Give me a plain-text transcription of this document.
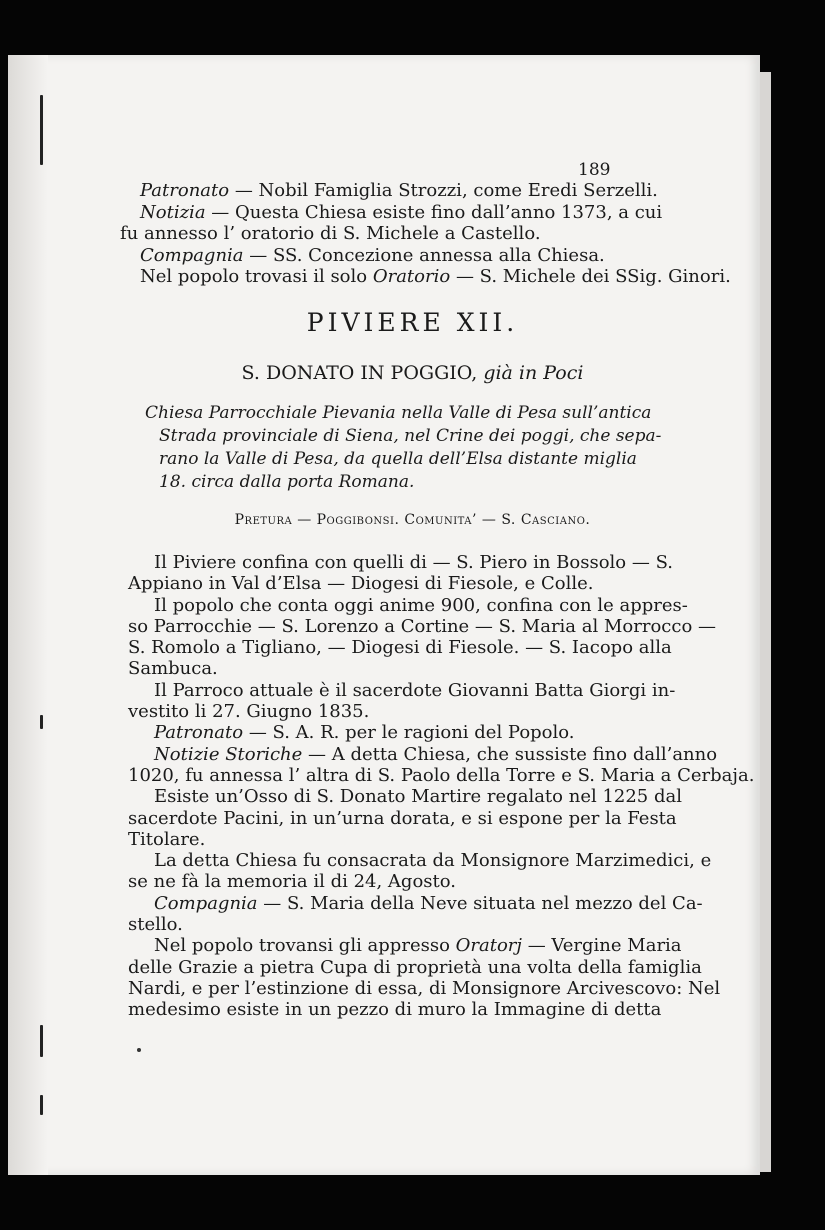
189
Patronato — Nobil Famiglia Strozzi, come Eredi Serzelli.
Notizia — Questa Chiesa esiste fino dall’anno 1373, a cui
fu annesso l’ oratorio di S. Michele a Castello.
Compagnia — SS. Concezione annessa alla Chiesa.
Nel popolo trovasi il solo Oratorio — S. Michele dei SSig. Ginori.
PIVIERE XII.
S. DONATO IN POGGIO, già in Poci
Chiesa Parrocchiale Pievania nella Valle di Pesa sull’antica
Strada provinciale di Siena, nel Crine dei poggi, che sepa-
rano la Valle di Pesa, da quella dell’Elsa distante miglia
18. circa dalla porta Romana.
Pretura — Poggibonsi. Comunita’ — S. Casciano.
Il Piviere confina con quelli di — S. Piero in Bossolo — S.
Appiano in Val d’Elsa — Diogesi di Fiesole, e Colle.
Il popolo che conta oggi anime 900, confina con le appres-
so Parrocchie — S. Lorenzo a Cortine — S. Maria al Morrocco —
S. Romolo a Tigliano, — Diogesi di Fiesole. — S. Iacopo alla
Sambuca.
Il Parroco attuale è il sacerdote Giovanni Batta Giorgi in-
vestito li 27. Giugno 1835.
Patronato — S. A. R. per le ragioni del Popolo.
Notizie Storiche — A detta Chiesa, che sussiste fino dall’anno
1020, fu annessa l’ altra di S. Paolo della Torre e S. Maria a Cerbaja.
Esiste un’Osso di S. Donato Martire regalato nel 1225 dal
sacerdote Pacini, in un’urna dorata, e si espone per la Festa
Titolare.
La detta Chiesa fu consacrata da Monsignore Marzimedici, e
se ne fà la memoria il di 24, Agosto.
Compagnia — S. Maria della Neve situata nel mezzo del Ca-
stello.
Nel popolo trovansi gli appresso Oratorj — Vergine Maria
delle Grazie a pietra Cupa di proprietà una volta della famiglia
Nardi, e per l’estinzione di essa, di Monsignore Arcivescovo: Nel
medesimo esiste in un pezzo di muro la Immagine di detta
